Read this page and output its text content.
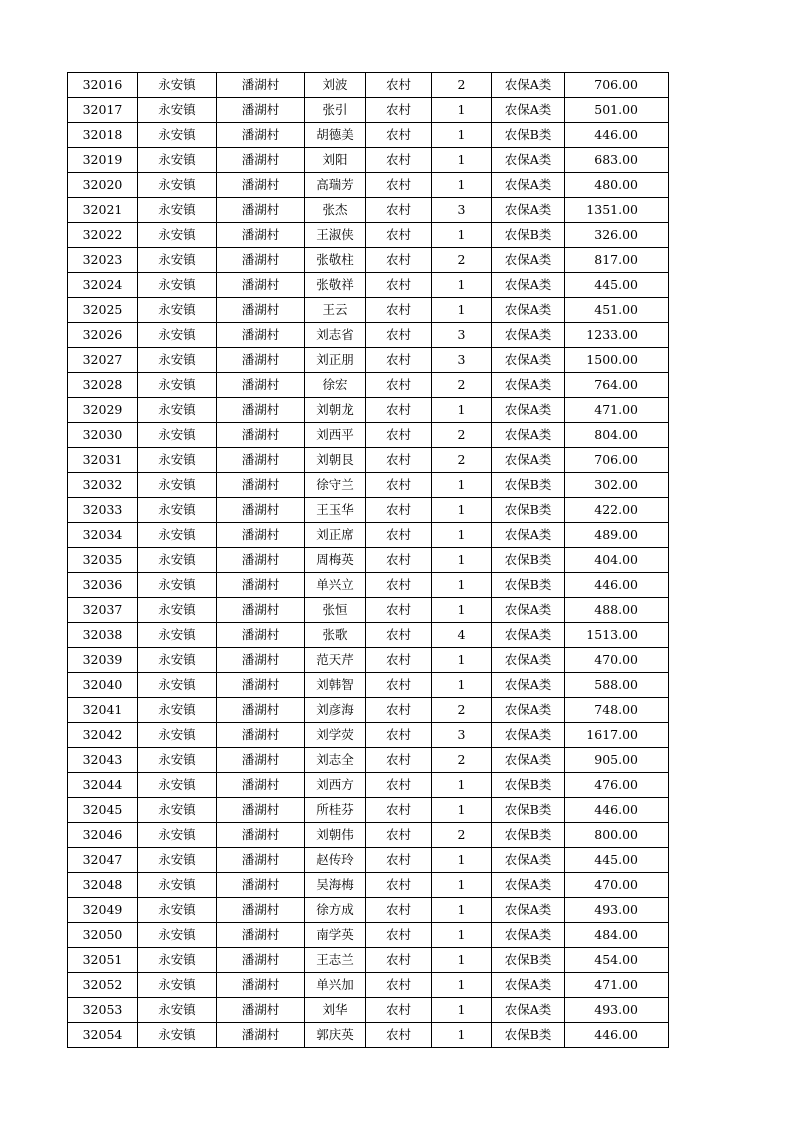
32016	永安镇	潘湖村	刘波	农村	2	农保A类	706.00
32017	永安镇	潘湖村	张引	农村	1	农保A类	501.00
32018	永安镇	潘湖村	胡德美	农村	1	农保B类	446.00
32019	永安镇	潘湖村	刘阳	农村	1	农保A类	683.00
32020	永安镇	潘湖村	高瑞芳	农村	1	农保A类	480.00
32021	永安镇	潘湖村	张杰	农村	3	农保A类	1351.00
32022	永安镇	潘湖村	王淑侠	农村	1	农保B类	326.00
32023	永安镇	潘湖村	张敬柱	农村	2	农保A类	817.00
32024	永安镇	潘湖村	张敬祥	农村	1	农保A类	445.00
32025	永安镇	潘湖村	王云	农村	1	农保A类	451.00
32026	永安镇	潘湖村	刘志省	农村	3	农保A类	1233.00
32027	永安镇	潘湖村	刘正朋	农村	3	农保A类	1500.00
32028	永安镇	潘湖村	徐宏	农村	2	农保A类	764.00
32029	永安镇	潘湖村	刘朝龙	农村	1	农保A类	471.00
32030	永安镇	潘湖村	刘西平	农村	2	农保A类	804.00
32031	永安镇	潘湖村	刘朝艮	农村	2	农保A类	706.00
32032	永安镇	潘湖村	徐守兰	农村	1	农保B类	302.00
32033	永安镇	潘湖村	王玉华	农村	1	农保B类	422.00
32034	永安镇	潘湖村	刘正席	农村	1	农保A类	489.00
32035	永安镇	潘湖村	周梅英	农村	1	农保B类	404.00
32036	永安镇	潘湖村	单兴立	农村	1	农保B类	446.00
32037	永安镇	潘湖村	张恒	农村	1	农保A类	488.00
32038	永安镇	潘湖村	张歌	农村	4	农保A类	1513.00
32039	永安镇	潘湖村	范天芹	农村	1	农保A类	470.00
32040	永安镇	潘湖村	刘韩智	农村	1	农保A类	588.00
32041	永安镇	潘湖村	刘彦海	农村	2	农保A类	748.00
32042	永安镇	潘湖村	刘学荧	农村	3	农保A类	1617.00
32043	永安镇	潘湖村	刘志全	农村	2	农保A类	905.00
32044	永安镇	潘湖村	刘西方	农村	1	农保B类	476.00
32045	永安镇	潘湖村	所桂芬	农村	1	农保B类	446.00
32046	永安镇	潘湖村	刘朝伟	农村	2	农保B类	800.00
32047	永安镇	潘湖村	赵传玲	农村	1	农保A类	445.00
32048	永安镇	潘湖村	吴海梅	农村	1	农保A类	470.00
32049	永安镇	潘湖村	徐方成	农村	1	农保A类	493.00
32050	永安镇	潘湖村	南学英	农村	1	农保A类	484.00
32051	永安镇	潘湖村	王志兰	农村	1	农保B类	454.00
32052	永安镇	潘湖村	单兴加	农村	1	农保A类	471.00
32053	永安镇	潘湖村	刘华	农村	1	农保A类	493.00
32054	永安镇	潘湖村	郭庆英	农村	1	农保B类	446.00
